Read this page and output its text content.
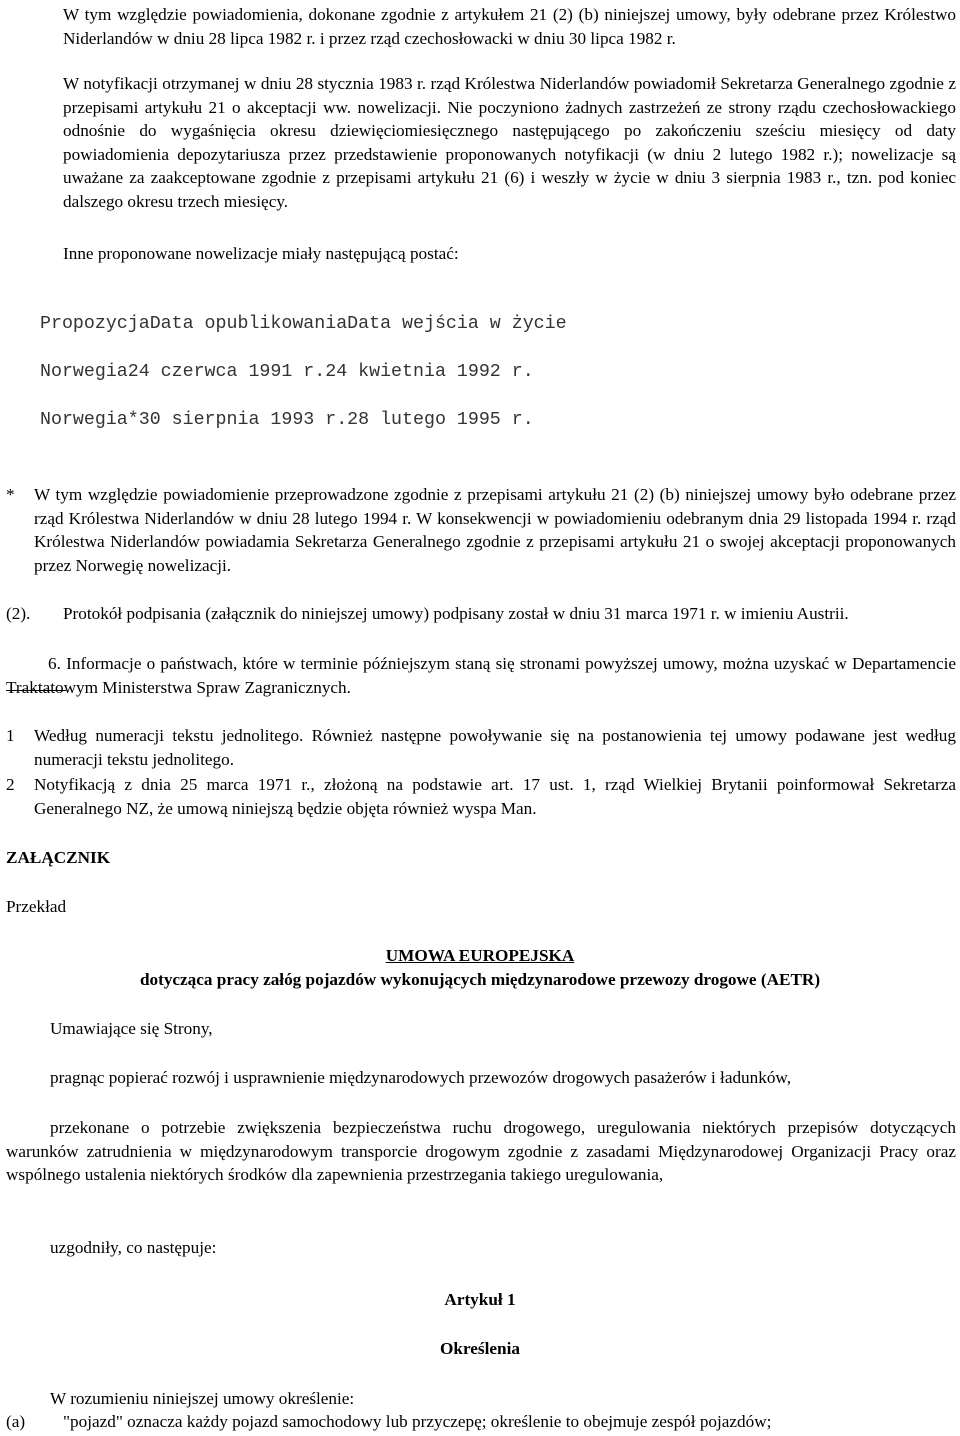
W tym względzie powiadomienia, dokonane zgodnie z artykułem 21 (2) (b) niniejszej umowy, były odebrane przez Królestwo Niderlandów w dniu 28 lipca 1982 r. i przez rząd czechosłowacki w dniu 30 lipca 1982 r.

W notyfikacji otrzymanej w dniu 28 stycznia 1983 r. rząd Królestwa Niderlandów powiadomił Sekretarza Generalnego zgodnie z przepisami artykułu 21 o akceptacji ww. nowelizacji. Nie poczyniono żadnych zastrzeżeń ze strony rządu czechosłowackiego odnośnie do wygaśnięcia okresu dziewięciomiesięcznego następującego po zakończeniu sześciu miesięcy od daty powiadomienia depozytariusza przez przedstawienie proponowanych notyfikacji (w dniu 2 lutego 1982 r.); nowelizacje są uważane za zaakceptowane zgodnie z przepisami artykułu 21 (6) i weszły w życie w dniu 3 sierpnia 1983 r., tzn. pod koniec dalszego okresu trzech miesięcy.

Inne proponowane nowelizacje miały następującą postać:

PropozycjaData opublikowaniaData wejścia w życie
Norwegia24 czerwca 1991 r.24 kwietnia 1992 r.
Norwegia*30 sierpnia 1993 r.28 lutego 1995 r.
* W tym względzie powiadomienie przeprowadzone zgodnie z przepisami artykułu 21 (2) (b) niniejszej umowy było odebrane przez rząd Królestwa Niderlandów w dniu 28 lutego 1994 r. W konsekwencji w powiadomieniu odebranym dnia 29 listopada 1994 r. rząd Królestwa Niderlandów powiadamia Sekretarza Generalnego zgodnie z przepisami artykułu 21 o swojej akceptacji proponowanych przez Norwegię nowelizacji.

(2). Protokół podpisania (załącznik do niniejszej umowy) podpisany został w dniu 31 marca 1971 r. w imieniu Austrii.

6. Informacje o państwach, które w terminie późniejszym staną się stronami powyższej umowy, można uzyskać w Departamencie Traktatowym Ministerstwa Spraw Zagranicznych.

1 Według numeracji tekstu jednolitego. Również następne powoływanie się na postanowienia tej umowy podawane jest według numeracji tekstu jednolitego.

2 Notyfikacją z dnia 25 marca 1971 r., złożoną na podstawie art. 17 ust. 1, rząd Wielkiej Brytanii poinformował Sekretarza Generalnego NZ, że umową niniejszą będzie objęta również wyspa Man.

ZAŁĄCZNIK

Przekład

UMOWA EUROPEJSKA

dotycząca pracy załóg pojazdów wykonujących międzynarodowe przewozy drogowe (AETR)

Umawiające się Strony,

pragnąc popierać rozwój i usprawnienie międzynarodowych przewozów drogowych pasażerów i ładunków,

przekonane o potrzebie zwiększenia bezpieczeństwa ruchu drogowego, uregulowania niektórych przepisów dotyczących warunków zatrudnienia w międzynarodowym transporcie drogowym zgodnie z zasadami Międzynarodowej Organizacji Pracy oraz wspólnego ustalenia niektórych środków dla zapewnienia przestrzegania takiego uregulowania,

uzgodniły, co następuje:

Artykuł 1

Określenia

W rozumieniu niniejszej umowy określenie:

(a) "pojazd" oznacza każdy pojazd samochodowy lub przyczepę; określenie to obejmuje zespół pojazdów;
